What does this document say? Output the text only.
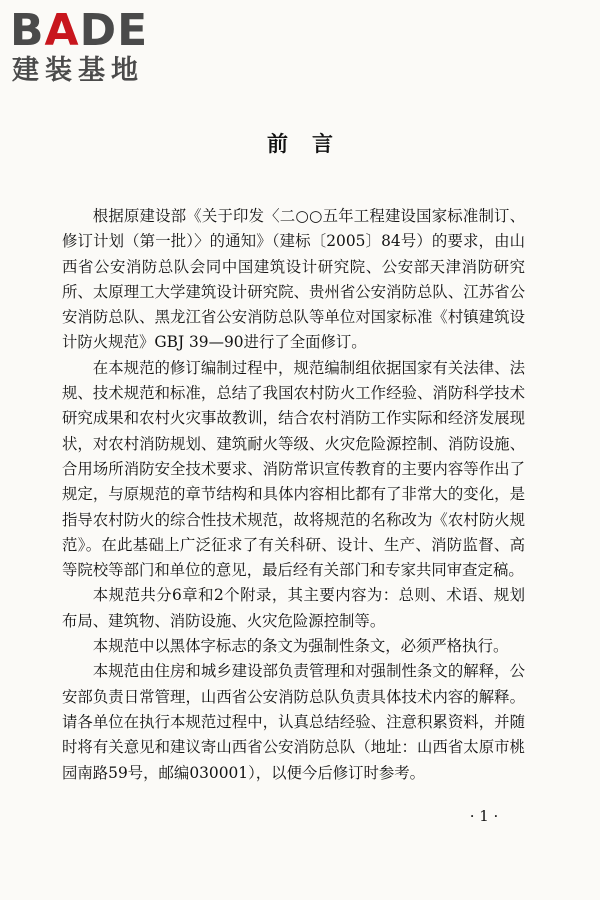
BADE
建装基地
前言

根据原建设部《关于印发〈二○○五年工程建设国家标准制订、修订计划（第一批）〉的通知》（建标〔2005〕84号）的要求，由山西省公安消防总队会同中国建筑设计研究院、公安部天津消防研究所、太原理工大学建筑设计研究院、贵州省公安消防总队、江苏省公安消防总队、黑龙江省公安消防总队等单位对国家标准《村镇建筑设计防火规范》GBJ 39—90进行了全面修订。

在本规范的修订编制过程中，规范编制组依据国家有关法律、法规、技术规范和标准，总结了我国农村防火工作经验、消防科学技术研究成果和农村火灾事故教训，结合农村消防工作实际和经济发展现状，对农村消防规划、建筑耐火等级、火灾危险源控制、消防设施、合用场所消防安全技术要求、消防常识宣传教育的主要内容等作出了规定，与原规范的章节结构和具体内容相比都有了非常大的变化，是指导农村防火的综合性技术规范，故将规范的名称改为《农村防火规范》。在此基础上广泛征求了有关科研、设计、生产、消防监督、高等院校等部门和单位的意见，最后经有关部门和专家共同审查定稿。

本规范共分6章和2个附录，其主要内容为：总则、术语、规划布局、建筑物、消防设施、火灾危险源控制等。

本规范中以黑体字标志的条文为强制性条文，必须严格执行。

本规范由住房和城乡建设部负责管理和对强制性条文的解释，公安部负责日常管理，山西省公安消防总队负责具体技术内容的解释。请各单位在执行本规范过程中，认真总结经验、注意积累资料，并随时将有关意见和建议寄山西省公安消防总队（地址：山西省太原市桃园南路59号，邮编030001），以便今后修订时参考。

· 1 ·
